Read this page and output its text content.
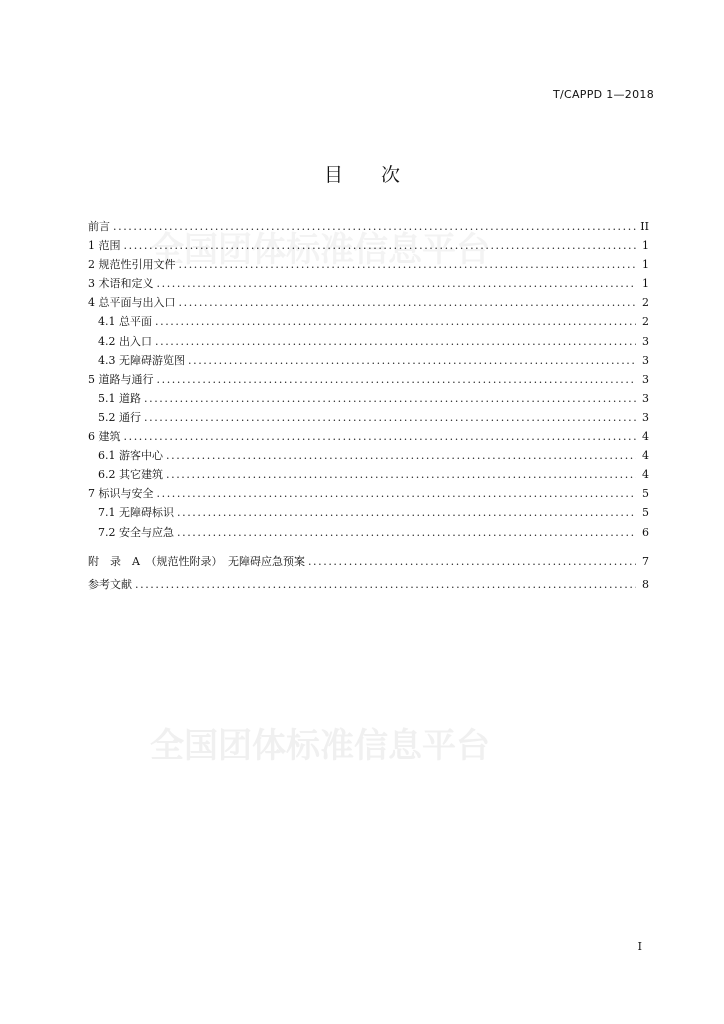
全国团体标准信息平台
全国团体标准信息平台
T/CAPPD 1—2018
目 次
前言 .....	II
1 范围 .....	1
2 规范性引用文件 .....	1
3 术语和定义 .....	1
4 总平面与出入口 .....	2
4.1 总平面 .....	2
4.2 出入口 .....	3
4.3 无障碍游览图 .....	3
5 道路与通行 .....	3
5.1 道路 .....	3
5.2 通行 .....	3
6 建筑 .....	4
6.1 游客中心 .....	4
6.2 其它建筑 .....	4
7 标识与安全 .....	5
7.1 无障碍标识 .....	5
7.2 安全与应急 .....	6
附　录　A　（规范性附录）　无障碍应急预案 .....	7
参考文献 .....	8
I
